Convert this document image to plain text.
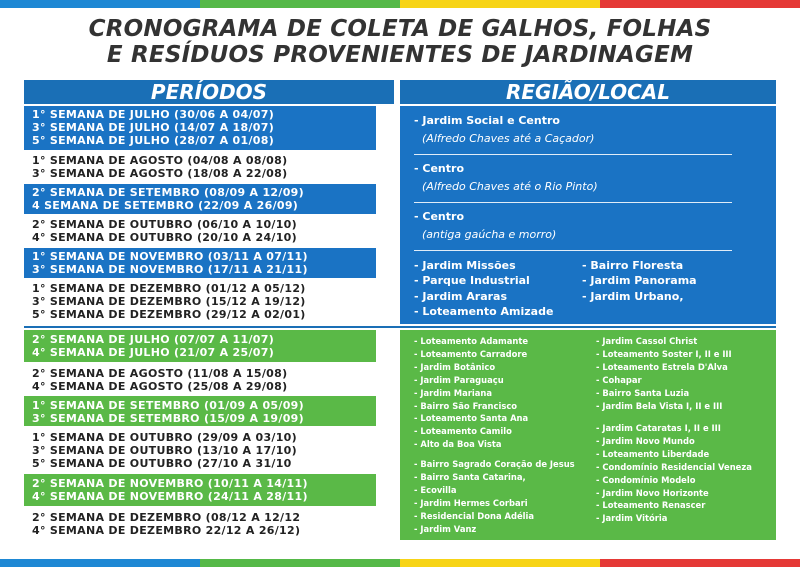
CRONOGRAMA DE COLETA DE GALHOS, FOLHAS
E RESÍDUOS PROVENIENTES DE JARDINAGEM
PERÍODOS	REGIÃO/LOCAL
1° SEMANA DE JULHO (30/06 A 04/07)
3° SEMANA DE JULHO (14/07 A 18/07)
5° SEMANA DE JULHO (28/07 A 01/08)
1° SEMANA DE AGOSTO (04/08 A 08/08)
3° SEMANA DE AGOSTO (18/08 A 22/08)
2° SEMANA DE SETEMBRO (08/09 A 12/09)
4 SEMANA DE SETEMBRO (22/09 A 26/09)
2° SEMANA DE OUTUBRO (06/10 A 10/10)
4° SEMANA DE OUTUBRO (20/10 A 24/10)
1° SEMANA DE NOVEMBRO (03/11 A 07/11)
3° SEMANA DE NOVEMBRO (17/11 A 21/11)
1° SEMANA DE DEZEMBRO (01/12 A 05/12)
3° SEMANA DE DEZEMBRO (15/12 A 19/12)
5° SEMANA DE DEZEMBRO (29/12 A 02/01)
2° SEMANA DE JULHO (07/07 A 11/07)
4° SEMANA DE JULHO (21/07 A 25/07)
2° SEMANA DE AGOSTO (11/08 A 15/08)
4° SEMANA DE AGOSTO (25/08 A 29/08)
1° SEMANA DE SETEMBRO (01/09 A 05/09)
3° SEMANA DE SETEMBRO (15/09 A 19/09)
1° SEMANA DE OUTUBRO (29/09 A 03/10)
3° SEMANA DE OUTUBRO (13/10 A 17/10)
5° SEMANA DE OUTUBRO (27/10 A 31/10
2° SEMANA DE NOVEMBRO (10/11 A 14/11)
4° SEMANA DE NOVEMBRO (24/11 A 28/11)
2° SEMANA DE DEZEMBRO (08/12 A 12/12
4° SEMANA DE DEZEMBRO 22/12 A 26/12)
- Jardim Social e Centro
(Alfredo Chaves até a Caçador)
- Centro
(Alfredo Chaves até o Rio Pinto)
- Centro
(antiga gaúcha e morro)
- Jardim Missões
- Parque Industrial
- Jardim Araras
- Loteamento Amizade
- Bairro Floresta
- Jardim Panorama
- Jardim Urbano,
- Loteamento Adamante
- Loteamento Carradore
- Jardim Botânico
- Jardim Paraguaçu
- Jardim Mariana
- Bairro São Francisco
- Loteamento Santa Ana
- Loteamento Camilo
- Alto da Boa Vista
- Bairro Sagrado Coração de Jesus
- Bairro Santa Catarina,
- Ecovilla
- Jardim Hermes Corbari
- Residencial Dona Adélia
- Jardim Vanz
- Jardim Cassol Christ
- Loteamento Soster I, II e III
- Loteamento Estrela D'Alva
- Cohapar
- Bairro Santa Luzia
- Jardim Bela Vista I, II e III
- Jardim Cataratas I, II e III
- Jardim Novo Mundo
- Loteamento Liberdade
- Condomínio Residencial Veneza
- Condomínio Modelo
- Jardim Novo Horizonte
- Loteamento Renascer
- Jardim Vitória
